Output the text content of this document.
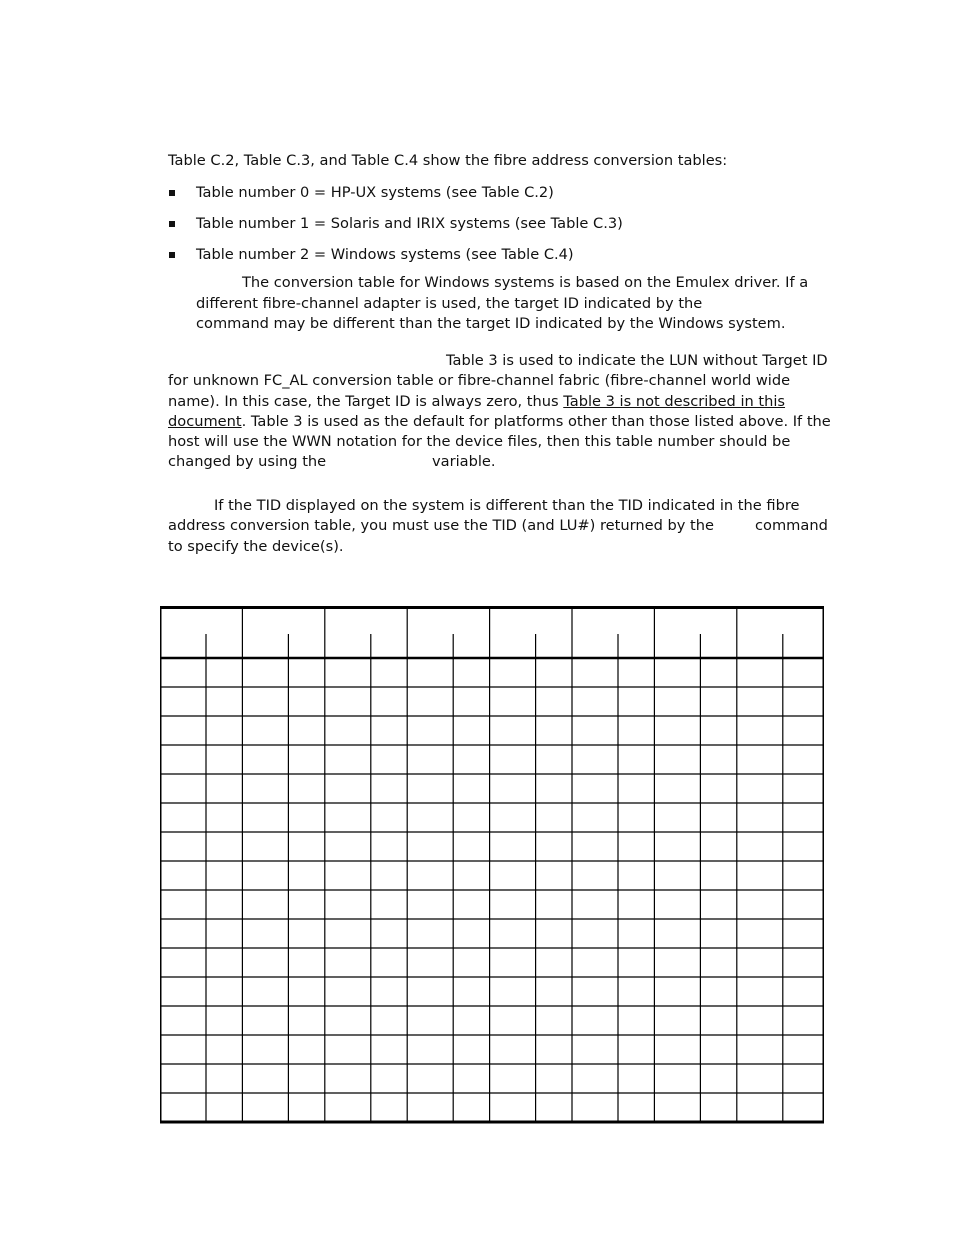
Table C.2, Table C.3, and Table C.4 show the fibre address conversion tables:
Table number 0 = HP-UX systems (see Table C.2)
Table number 1 = Solaris and IRIX systems (see Table C.3)
Table number 2 = Windows systems (see Table C.4)
The conversion table for Windows systems is based on the Emulex driver. If a
different fibre-channel adapter is used, the target ID indicated by the
command may be different than the target ID indicated by the Windows system.
Table 3 is used to indicate the LUN without Target ID
for unknown FC_AL conversion table or fibre-channel fabric (fibre-channel world wide
name). In this case, the Target ID is always zero, thus Table 3 is not described in this
document. Table 3 is used as the default for platforms other than those listed above. If the
host will use the WWN notation for the device files, then this table number should be
changed by using the	variable.
If the TID displayed on the system is different than the TID indicated in the fibre
address conversion table, you must use the TID (and LU#) returned by the	command
to specify the device(s).
